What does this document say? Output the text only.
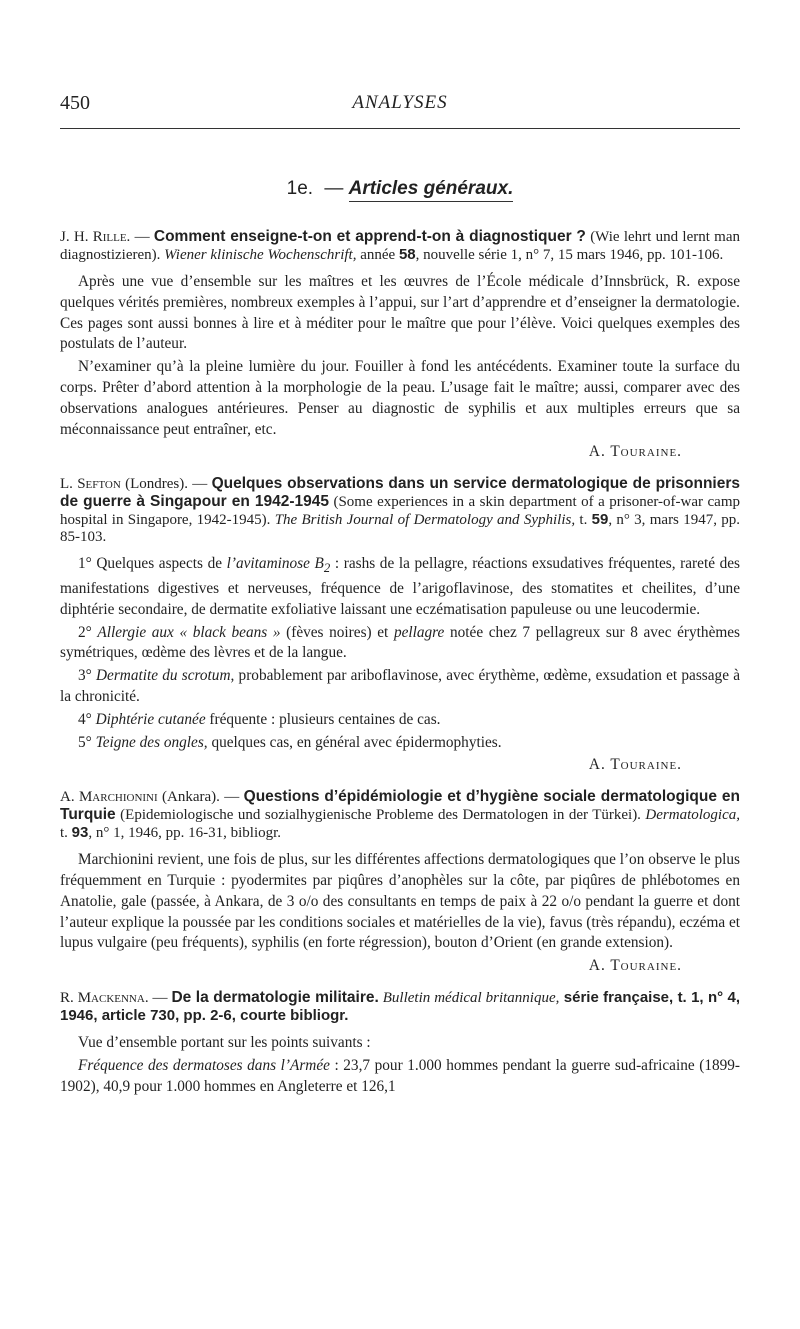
450	ANALYSES
1e. — Articles généraux.
J. H. Rille. — Comment enseigne-t-on et apprend-t-on à diagnostiquer ? (Wie lehrt und lernt man diagnostizieren). Wiener klinische Wochenschrift, année 58, nouvelle série 1, n° 7, 15 mars 1946, pp. 101-106.

Après une vue d’ensemble sur les maîtres et les œuvres de l’École médicale d’Innsbrück, R. expose quelques vérités premières, nombreux exemples à l’appui, sur l’art d’apprendre et d’enseigner la dermatologie. Ces pages sont aussi bonnes à lire et à méditer pour le maître que pour l’élève. Voici quelques exemples des postulats de l’auteur.

N’examiner qu’à la pleine lumière du jour. Fouiller à fond les antécédents. Examiner toute la surface du corps. Prêter d’abord attention à la morphologie de la peau. L’usage fait le maître; aussi, comparer avec des observations analogues antérieures. Penser au diagnostic de syphilis et aux multiples erreurs que sa méconnaissance peut entraîner, etc.

A. Touraine.
L. Sefton (Londres). — Quelques observations dans un service dermatologique de prisonniers de guerre à Singapour en 1942-1945 (Some experiences in a skin department of a prisoner-of-war camp hospital in Singapore, 1942-1945). The British Journal of Dermatology and Syphilis, t. 59, n° 3, mars 1947, pp. 85-103.

1° Quelques aspects de l’avitaminose $B_2$ : rashs de la pellagre, réactions exsudatives fréquentes, rareté des manifestations digestives et nerveuses, fréquence de l’arigoflavinose, des stomatites et cheilites, d’une diphtérie secondaire, de dermatite exfoliative laissant une eczématisation papuleuse ou une leucodermie.

2° Allergie aux « black beans » (fèves noires) et pellagre notée chez 7 pellagreux sur 8 avec érythèmes symétriques, œdème des lèvres et de la langue.

3° Dermatite du scrotum, probablement par ariboflavinose, avec érythème, œdème, exsudation et passage à la chronicité.

4° Diphtérie cutanée fréquente : plusieurs centaines de cas.

5° Teigne des ongles, quelques cas, en général avec épidermophyties.

A. Touraine.
A. Marchionini (Ankara). — Questions d’épidémiologie et d’hygiène sociale dermatologique en Turquie (Epidemiologische und sozialhygienische Probleme des Dermatologen in der Türkei). Dermatologica, t. 93, n° 1, 1946, pp. 16-31, bibliogr.

Marchionini revient, une fois de plus, sur les différentes affections dermatologiques que l’on observe le plus fréquemment en Turquie : pyodermites par piqûres d’anophèles sur la côte, par piqûres de phlébotomes en Anatolie, gale (passée, à Ankara, de 3 o/o des consultants en temps de paix à 22 o/o pendant la guerre et dont l’auteur explique la poussée par les conditions sociales et matérielles de la vie), favus (très répandu), eczéma et lupus vulgaire (peu fréquents), syphilis (en forte régression), bouton d’Orient (en grande extension).

A. Touraine.
R. Mackenna. — De la dermatologie militaire. Bulletin médical britannique, série française, t. 1, n° 4, 1946, article 730, pp. 2-6, courte bibliogr.

Vue d’ensemble portant sur les points suivants :

Fréquence des dermatoses dans l’Armée : 23,7 pour 1.000 hommes pendant la guerre sud-africaine (1899-1902), 40,9 pour 1.000 hommes en Angleterre et 126,1
